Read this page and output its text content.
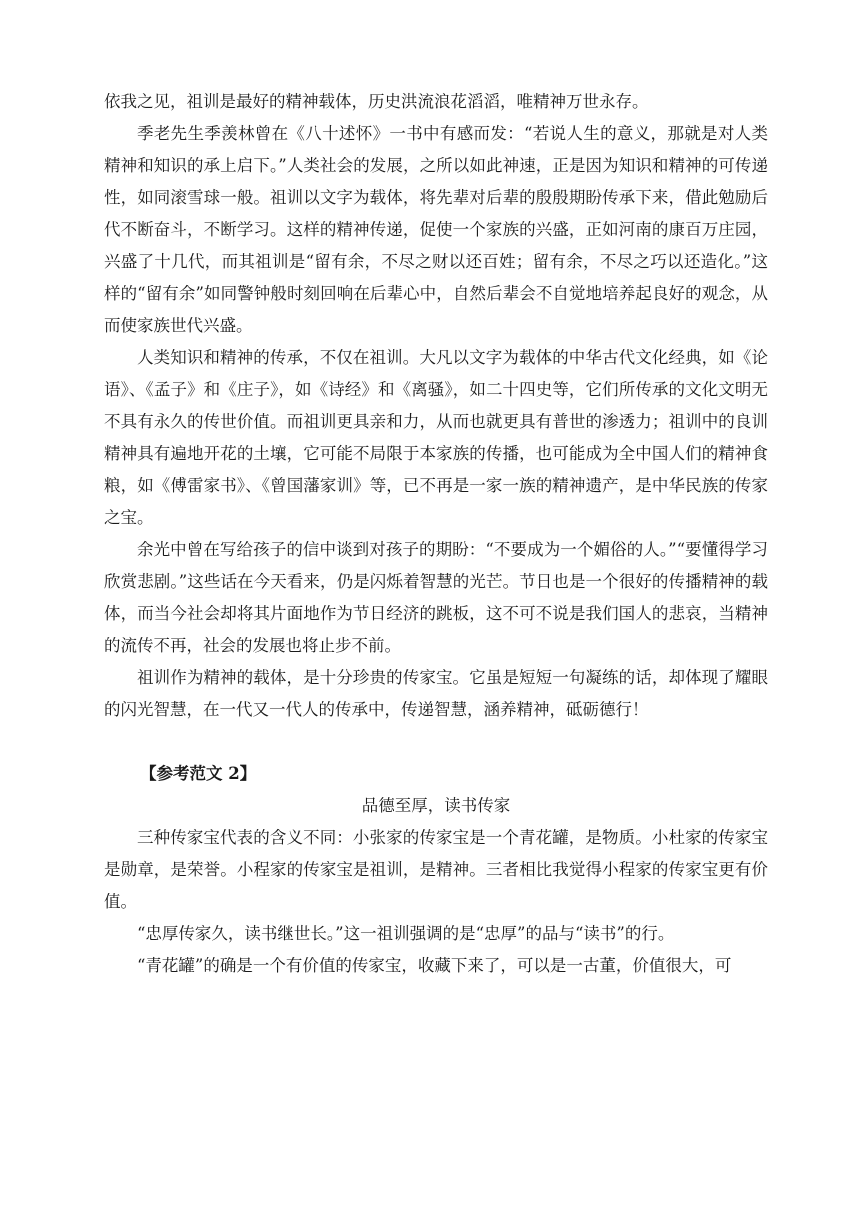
依我之见，祖训是最好的精神载体，历史洪流浪花滔滔，唯精神万世永存。

季老先生季羡林曾在《八十述怀》一书中有感而发：“若说人生的意义，那就是对人类精神和知识的承上启下。”人类社会的发展，之所以如此神速，正是因为知识和精神的可传递性，如同滚雪球一般。祖训以文字为载体，将先辈对后辈的殷殷期盼传承下来，借此勉励后代不断奋斗，不断学习。这样的精神传递，促使一个家族的兴盛，正如河南的康百万庄园，兴盛了十几代，而其祖训是“留有余，不尽之财以还百姓；留有余，不尽之巧以还造化。”这样的“留有余”如同警钟般时刻回响在后辈心中，自然后辈会不自觉地培养起良好的观念，从而使家族世代兴盛。

人类知识和精神的传承，不仅在祖训。大凡以文字为载体的中华古代文化经典，如《论语》、《孟子》和《庄子》，如《诗经》和《离骚》，如二十四史等，它们所传承的文化文明无不具有永久的传世价值。而祖训更具亲和力，从而也就更具有普世的渗透力；祖训中的良训精神具有遍地开花的土壤，它可能不局限于本家族的传播，也可能成为全中国人们的精神食粮，如《傅雷家书》、《曾国藩家训》等，已不再是一家一族的精神遗产，是中华民族的传家之宝。

余光中曾在写给孩子的信中谈到对孩子的期盼：“不要成为一个媚俗的人。”“要懂得学习欣赏悲剧。”这些话在今天看来，仍是闪烁着智慧的光芒。节日也是一个很好的传播精神的载体，而当今社会却将其片面地作为节日经济的跳板，这不可不说是我们国人的悲哀，当精神的流传不再，社会的发展也将止步不前。

祖训作为精神的载体，是十分珍贵的传家宝。它虽是短短一句凝练的话，却体现了耀眼的闪光智慧，在一代又一代人的传承中，传递智慧，涵养精神，砥砺德行！

【参考范文 2】

品德至厚，读书传家

三种传家宝代表的含义不同：小张家的传家宝是一个青花罐，是物质。小杜家的传家宝是勋章，是荣誉。小程家的传家宝是祖训，是精神。三者相比我觉得小程家的传家宝更有价值。

“忠厚传家久，读书继世长。”这一祖训强调的是“忠厚”的品与“读书”的行。

“青花罐”的确是一个有价值的传家宝，收藏下来了，可以是一古董，价值很大，可
